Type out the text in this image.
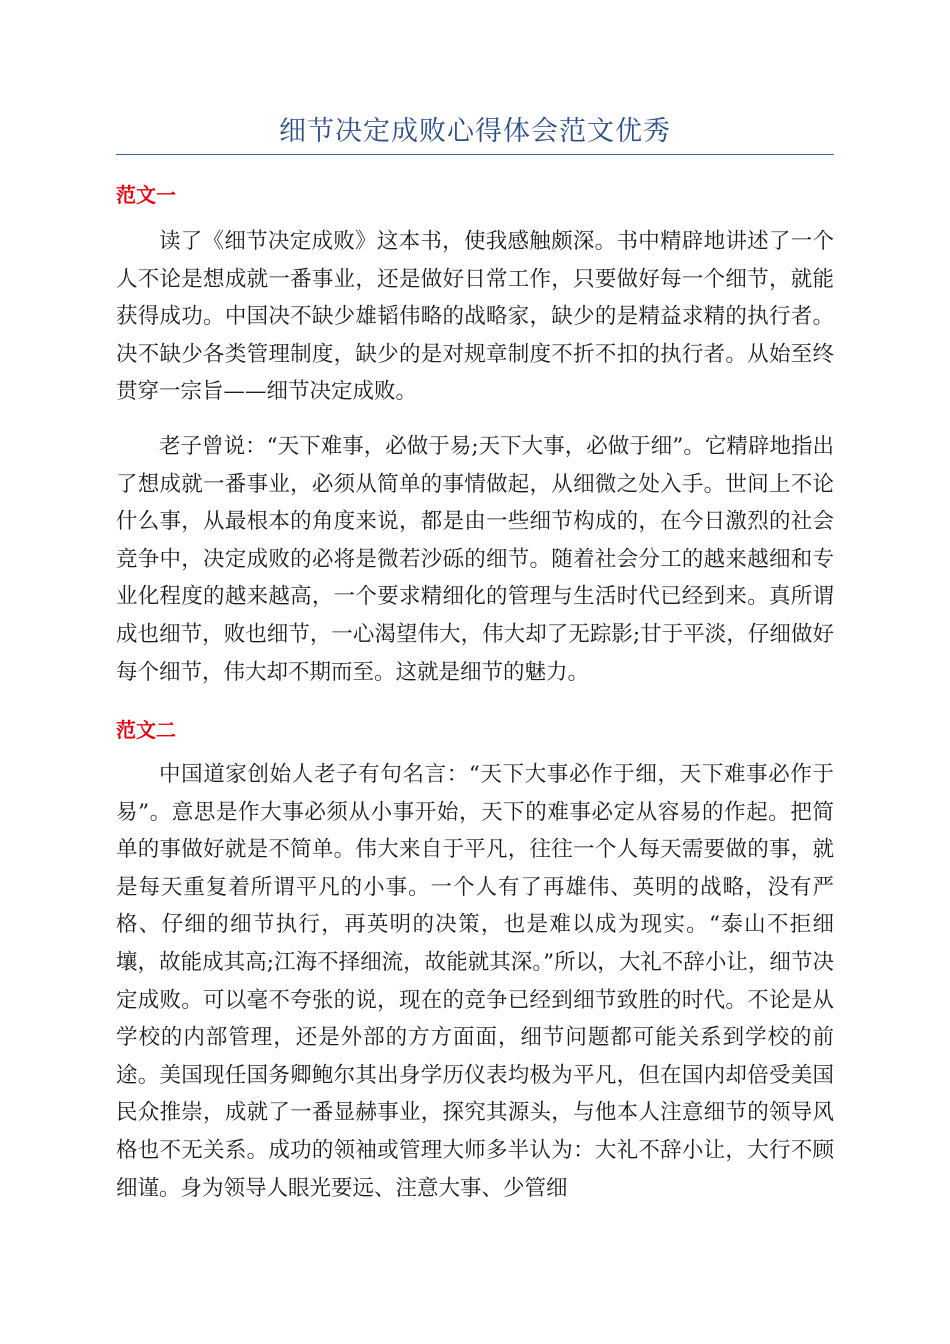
细节决定成败心得体会范文优秀
范文一

读了《细节决定成败》这本书，使我感触颇深。书中精辟地讲述了一个人不论是想成就一番事业，还是做好日常工作，只要做好每一个细节，就能获得成功。中国决不缺少雄韬伟略的战略家，缺少的是精益求精的执行者。决不缺少各类管理制度，缺少的是对规章制度不折不扣的执行者。从始至终贯穿一宗旨——细节决定成败。

老子曾说：“天下难事，必做于易;天下大事，必做于细”。它精辟地指出了想成就一番事业，必须从简单的事情做起，从细微之处入手。世间上不论什么事，从最根本的角度来说，都是由一些细节构成的，在今日激烈的社会竞争中，决定成败的必将是微若沙砾的细节。随着社会分工的越来越细和专业化程度的越来越高，一个要求精细化的管理与生活时代已经到来。真所谓成也细节，败也细节，一心渴望伟大，伟大却了无踪影;甘于平淡，仔细做好每个细节，伟大却不期而至。这就是细节的魅力。

范文二

中国道家创始人老子有句名言：“天下大事必作于细，天下难事必作于易”。意思是作大事必须从小事开始，天下的难事必定从容易的作起。把简单的事做好就是不简单。伟大来自于平凡，往往一个人每天需要做的事，就是每天重复着所谓平凡的小事。一个人有了再雄伟、英明的战略，没有严格、仔细的细节执行，再英明的决策，也是难以成为现实。“泰山不拒细壤，故能成其高;江海不择细流，故能就其深。”所以，大礼不辞小让，细节决定成败。可以毫不夸张的说，现在的竞争已经到细节致胜的时代。不论是从学校的内部管理，还是外部的方方面面，细节问题都可能关系到学校的前途。美国现任国务卿鲍尔其出身学历仪表均极为平凡，但在国内却倍受美国民众推崇，成就了一番显赫事业，探究其源头，与他本人注意细节的领导风格也不无关系。成功的领袖或管理大师多半认为：大礼不辞小让，大行不顾细谨。身为领导人眼光要远、注意大事、少管细
